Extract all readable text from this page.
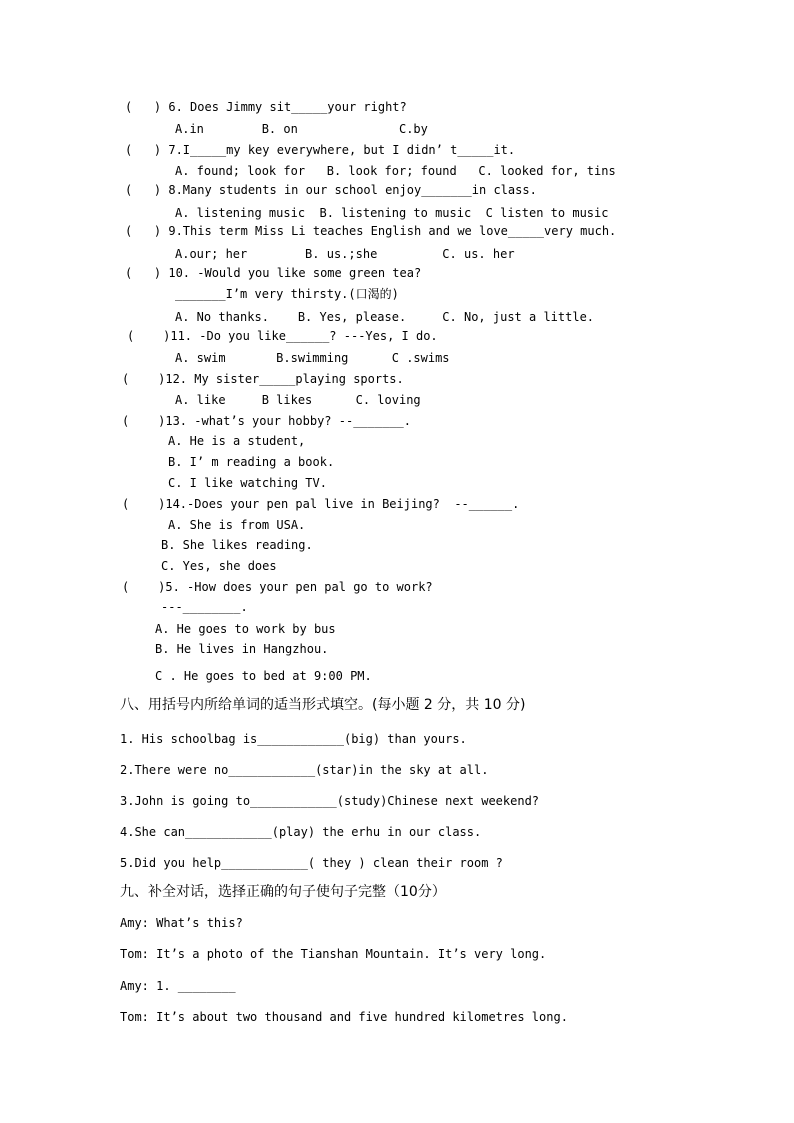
(   ) 6. Does Jimmy sit_____your right?
A.in        B. on              C.by
(   ) 7.I_____my key everywhere, but I didn’ t_____it.
A. found; look for   B. look for; found   C. looked for, tins
(   ) 8.Many students in our school enjoy_______in class.
A. listening music  B. listening to music  C listen to music
(   ) 9.This term Miss Li teaches English and we love_____very much.
A.our; her        B. us.;she         C. us. her
(   ) 10. -Would you like some green tea?
_______I’m very thirsty.(口渴的)
A. No thanks.    B. Yes, please.     C. No, just a little.
(    )11. -Do you like______? ---Yes, I do.
A. swim       B.swimming      C .swims
(    )12. My sister_____playing sports.
A. like     B likes      C. loving
(    )13. -what’s your hobby? --_______.
A. He is a student,
B. I’ m reading a book.
C. I like watching TV.
(    )14.-Does your pen pal live in Beijing?  --______.
A. She is from USA.
B. She likes reading.
C. Yes, she does
(    )5. -How does your pen pal go to work?
---________.
A. He goes to work by bus
B. He lives in Hangzhou.
C . He goes to bed at 9:00 PM.
八、用括号内所给单词的适当形式填空。(每小题 2 分，共 10 分)
1. His schoolbag is____________(big) than yours.
2.There were no____________(star)in the sky at all.
3.John is going to____________(study)Chinese next weekend?
4.She can____________(play) the erhu in our class.
5.Did you help____________( they ) clean their room ?
九、补全对话，选择正确的句子使句子完整（10分）
Amy: What’s this?
Tom: It’s a photo of the Tianshan Mountain. It’s very long.
Amy: 1. ________
Tom: It’s about two thousand and five hundred kilometres long.
